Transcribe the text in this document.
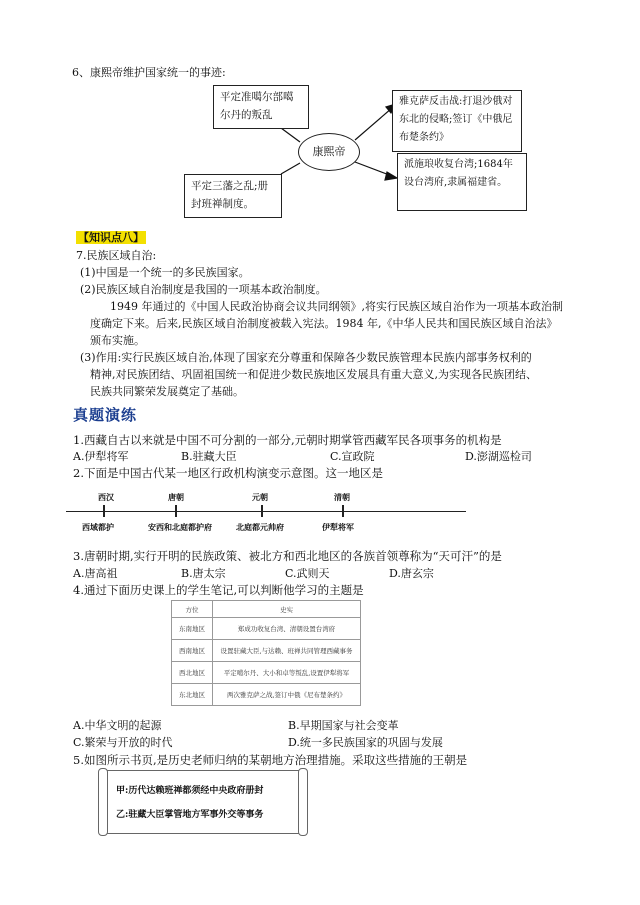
6、康熙帝维护国家统一的事迹:
康熙帝
平定准噶尔部噶尔丹的叛乱
平定三藩之乱;册封班禅制度。
雅克萨反击战:打退沙俄对东北的侵略;签订《中俄尼布楚条约》
派施琅收复台湾;1684年设台湾府,隶属福建省。
【知识点八】
7.民族区域自治:
(1)中国是一个统一的多民族国家。
(2)民族区域自治制度是我国的一项基本政治制度。
1949 年通过的《中国人民政治协商会议共同纲领》,将实行民族区域自治作为一项基本政治制
度确定下来。后来,民族区域自治制度被载入宪法。1984 年,《中华人民共和国民族区域自治法》
颁布实施。
(3)作用:实行民族区域自治,体现了国家充分尊重和保障各少数民族管理本民族内部事务权利的
精神,对民族团结、巩固祖国统一和促进少数民族地区发展具有重大意义,为实现各民族团结、
民族共同繁荣发展奠定了基础。
真题演练
1.西藏自古以来就是中国不可分割的一部分,元朝时期掌管西藏军民各项事务的机构是
A.伊犁将军	B.驻藏大臣	C.宣政院	D.澎湖巡检司
2.下面是中国古代某一地区行政机构演变示意图。这一地区是
西汉	唐朝	元朝	清朝
西域都护	安西和北庭都护府	北庭都元帅府	伊犁将军
3.唐朝时期,实行开明的民族政策、被北方和西北地区的各族首领尊称为“天可汗”的是
A.唐高祖	B.唐太宗	C.武则天	D.唐玄宗
4.通过下面历史课上的学生笔记,可以判断他学习的主题是
方位	史实
东南地区	郑成功收复台湾、清朝设置台湾府
西南地区	设置驻藏大臣,与达赖、班禅共同管理西藏事务
西北地区	平定噶尔丹、大小和卓等叛乱,设置伊犁将军
东北地区	两次雅克萨之战,签订中俄《尼布楚条约》
A.中华文明的起源	B.早期国家与社会变革
C.繁荣与开放的时代	D.统一多民族国家的巩固与发展
5.如图所示书页,是历史老师归纳的某朝地方治理措施。采取这些措施的王朝是
甲:历代达赖班禅都须经中央政府册封
乙:驻藏大臣掌管地方军事外交等事务
